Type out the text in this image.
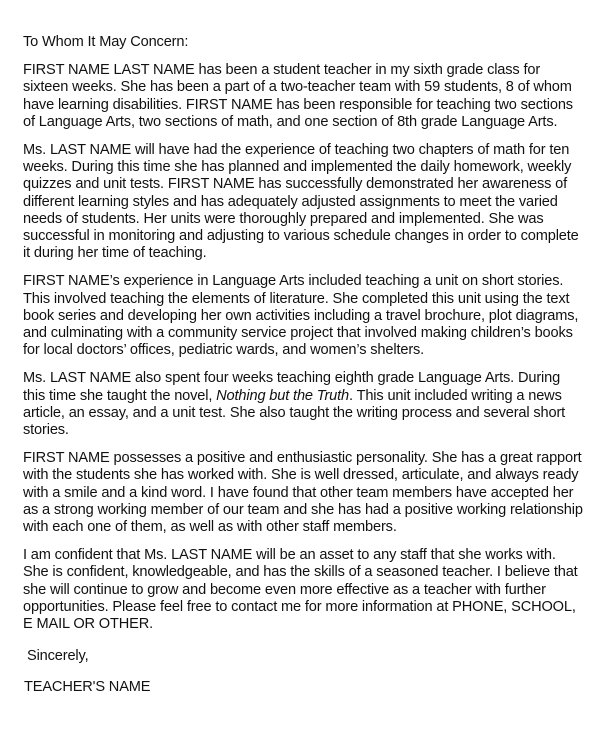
To Whom It May Concern:

FIRST NAME LAST NAME has been a student teacher in my sixth grade class for sixteen weeks. She has been a part of a two-teacher team with 59 students, 8 of whom have learning disabilities. FIRST NAME has been responsible for teaching two sections of Language Arts, two sections of math, and one section of 8th grade Language Arts.

Ms. LAST NAME will have had the experience of teaching two chapters of math for ten weeks. During this time she has planned and implemented the daily homework, weekly quizzes and unit tests. FIRST NAME has successfully demonstrated her awareness of different learning styles and has adequately adjusted assignments to meet the varied needs of students. Her units were thoroughly prepared and implemented. She was successful in monitoring and adjusting to various schedule changes in order to complete it during her time of teaching.

FIRST NAME’s experience in Language Arts included teaching a unit on short stories. This involved teaching the elements of literature. She completed this unit using the text book series and developing her own activities including a travel brochure, plot diagrams, and culminating with a community service project that involved making children’s books for local doctors’ offices, pediatric wards, and women’s shelters.

Ms. LAST NAME also spent four weeks teaching eighth grade Language Arts. During this time she taught the novel, Nothing but the Truth. This unit included writing a news article, an essay, and a unit test. She also taught the writing process and several short stories.

FIRST NAME possesses a positive and enthusiastic personality. She has a great rapport with the students she has worked with. She is well dressed, articulate, and always ready with a smile and a kind word. I have found that other team members have accepted her as a strong working member of our team and she has had a positive working relationship with each one of them, as well as with other staff members.

I am confident that Ms. LAST NAME will be an asset to any staff that she works with. She is confident, knowledgeable, and has the skills of a seasoned teacher. I believe that she will continue to grow and become even more effective as a teacher with further opportunities. Please feel free to contact me for more information at PHONE, SCHOOL, E MAIL OR OTHER.

Sincerely,

TEACHER'S NAME
